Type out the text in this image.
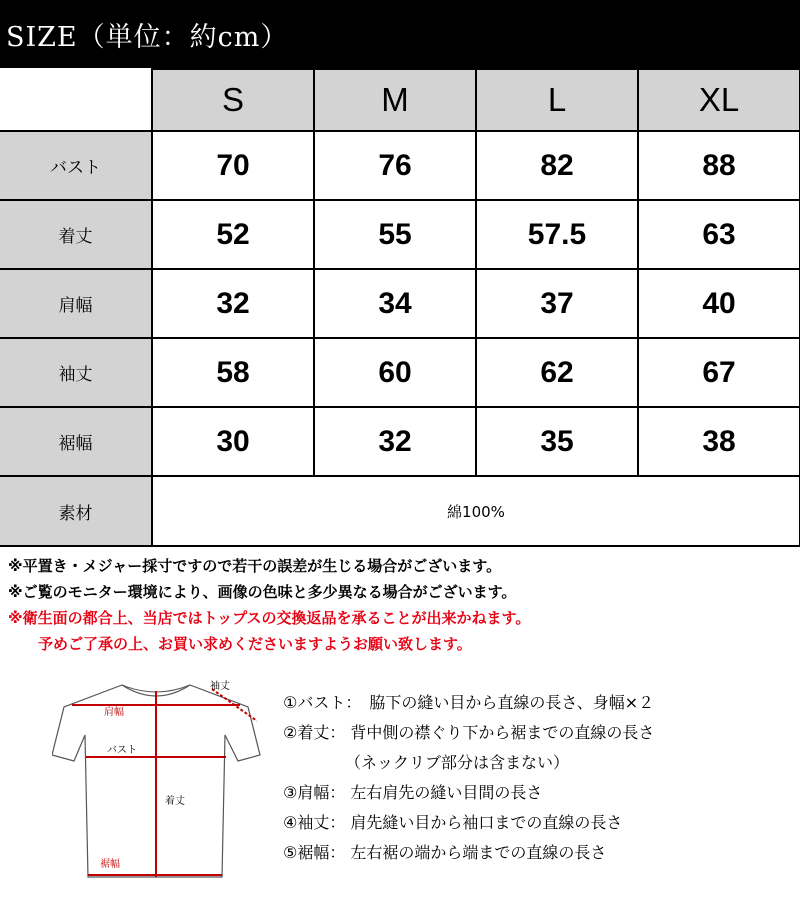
SIZE（単位：約cm）
	S	M	L	XL
バスト	70	76	82	88
着丈	52	55	57.5	63
肩幅	32	34	37	40
袖丈	58	60	62	67
裾幅	30	32	35	38
素材	綿100%			
※平置き・メジャー採寸ですので若干の誤差が生じる場合がございます。
※ご覧のモニター環境により、画像の色味と多少異なる場合がございます。
※衛生面の都合上、当店ではトップスの交換返品を承ることが出来かねます。
予めご了承の上、お買い求めくださいますようお願い致します。
袖丈
肩幅
バスト
着丈
裾幅
①バスト：　脇下の縫い目から直線の長さ、身幅×２
②着丈： 背中側の襟ぐり下から裾までの直線の長さ
（ネックリブ部分は含まない）
③肩幅： 左右肩先の縫い目間の長さ
④袖丈： 肩先縫い目から袖口までの直線の長さ
⑤裾幅： 左右裾の端から端までの直線の長さ
